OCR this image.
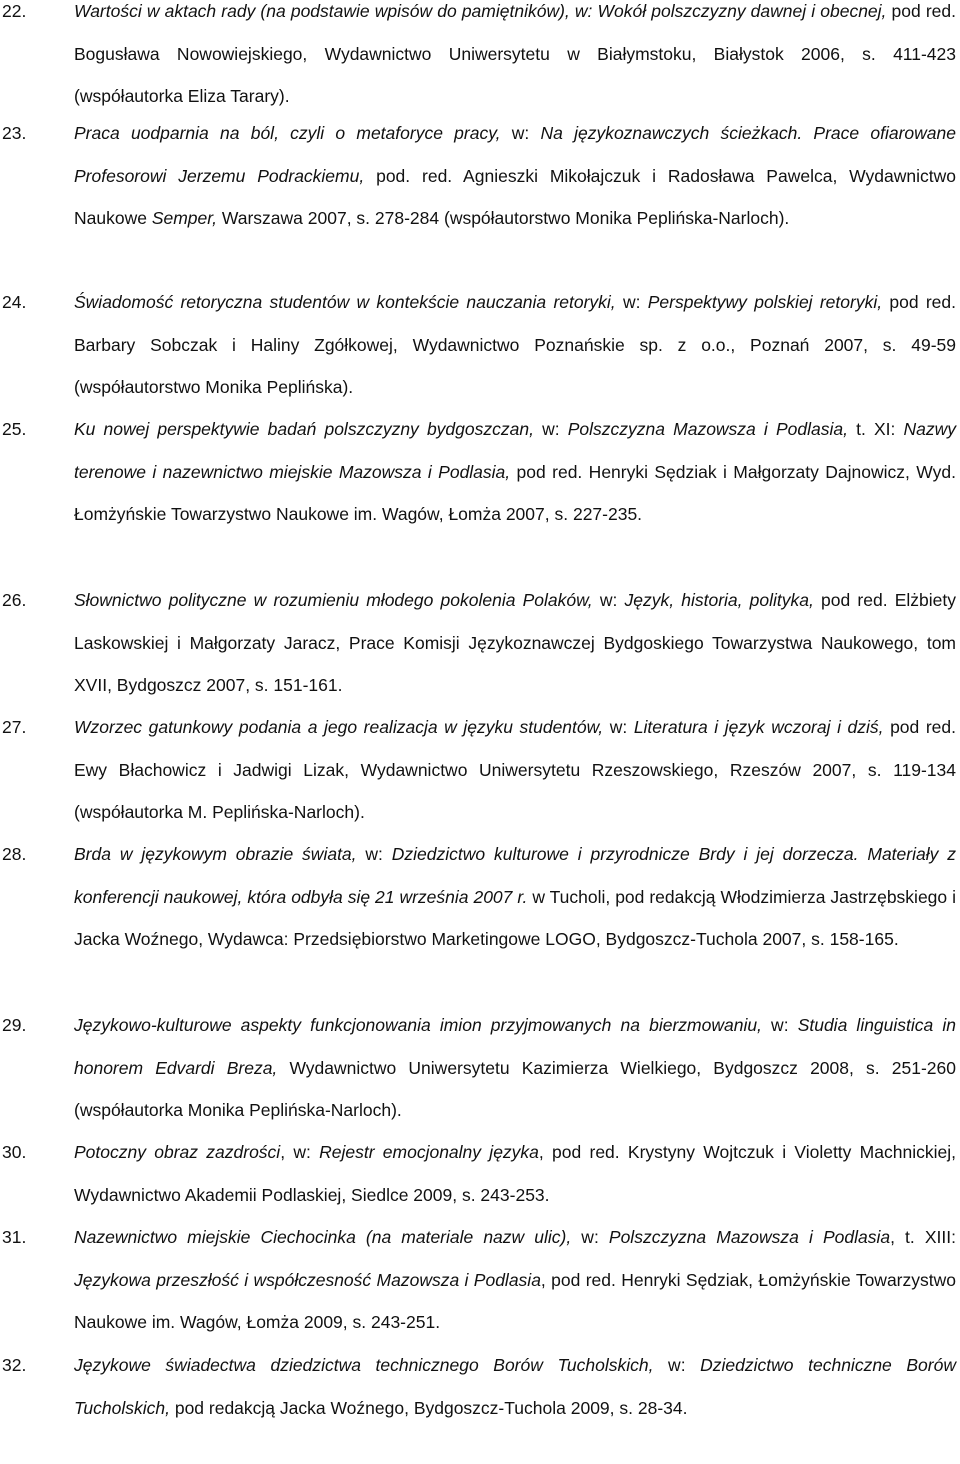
22.	Wartości w aktach rady (na podstawie wpisów do pamiętników), w: Wokół polszczyzny dawnej i obecnej, pod red. Bogusława Nowowiejskiego, Wydawnictwo Uniwersytetu w Białymstoku, Białystok 2006, s. 411-423 (współautorka Eliza Tarary).
23.	Praca uodparnia na ból, czyli o metaforyce pracy, w: Na językoznawczych ścieżkach. Prace ofiarowane Profesorowi Jerzemu Podrackiemu, pod. red. Agnieszki Mikołajczuk i Radosława Pawelca, Wydawnictwo Naukowe Semper, Warszawa 2007, s. 278-284 (współautorstwo Monika Peplińska-Narloch).
24.	Świadomość retoryczna studentów w kontekście nauczania retoryki, w: Perspektywy polskiej retoryki, pod red. Barbary Sobczak i Haliny Zgółkowej, Wydawnictwo Poznańskie sp. z o.o., Poznań 2007, s. 49-59 (współautorstwo Monika Peplińska).
25.	Ku nowej perspektywie badań polszczyzny bydgoszczan, w: Polszczyzna Mazowsza i Podlasia, t. XI: Nazwy terenowe i nazewnictwo miejskie Mazowsza i Podlasia, pod red. Henryki Sędziak i Małgorzaty Dajnowicz, Wyd. Łomżyńskie Towarzystwo Naukowe im. Wagów, Łomża 2007, s. 227-235.
26.	Słownictwo polityczne w rozumieniu młodego pokolenia Polaków, w: Język, historia, polityka, pod red. Elżbiety Laskowskiej i Małgorzaty Jaracz, Prace Komisji Językoznawczej Bydgoskiego Towarzystwa Naukowego, tom XVII, Bydgoszcz 2007, s. 151-161.
27.	Wzorzec gatunkowy podania a jego realizacja w języku studentów, w: Literatura i język wczoraj i dziś, pod red. Ewy Błachowicz i Jadwigi Lizak, Wydawnictwo Uniwersytetu Rzeszowskiego, Rzeszów 2007, s. 119-134 (współautorka M. Peplińska-Narloch).
28.	Brda w językowym obrazie świata, w: Dziedzictwo kulturowe i przyrodnicze Brdy i jej dorzecza. Materiały z konferencji naukowej, która odbyła się 21 września 2007 r. w Tucholi, pod redakcją Włodzimierza Jastrzębskiego i Jacka Woźnego, Wydawca: Przedsiębiorstwo Marketingowe LOGO, Bydgoszcz-Tuchola 2007, s. 158-165.
29.	Językowo-kulturowe aspekty funkcjonowania imion przyjmowanych na bierzmowaniu, w: Studia linguistica in honorem Edvardi Breza, Wydawnictwo Uniwersytetu Kazimierza Wielkiego, Bydgoszcz 2008, s. 251-260 (współautorka Monika Peplińska-Narloch).
30.	Potoczny obraz zazdrości, w: Rejestr emocjonalny języka, pod red. Krystyny Wojtczuk i Violetty Machnickiej, Wydawnictwo Akademii Podlaskiej, Siedlce 2009, s. 243-253.
31.	Nazewnictwo miejskie Ciechocinka (na materiale nazw ulic), w: Polszczyzna Mazowsza i Podlasia, t. XIII: Językowa przeszłość i współczesność Mazowsza i Podlasia, pod red. Henryki Sędziak, Łomżyńskie Towarzystwo Naukowe im. Wagów, Łomża 2009, s. 243-251.
32.	Językowe świadectwa dziedzictwa technicznego Borów Tucholskich, w: Dziedzictwo techniczne Borów Tucholskich, pod redakcją Jacka Woźnego, Bydgoszcz-Tuchola 2009, s. 28-34.
